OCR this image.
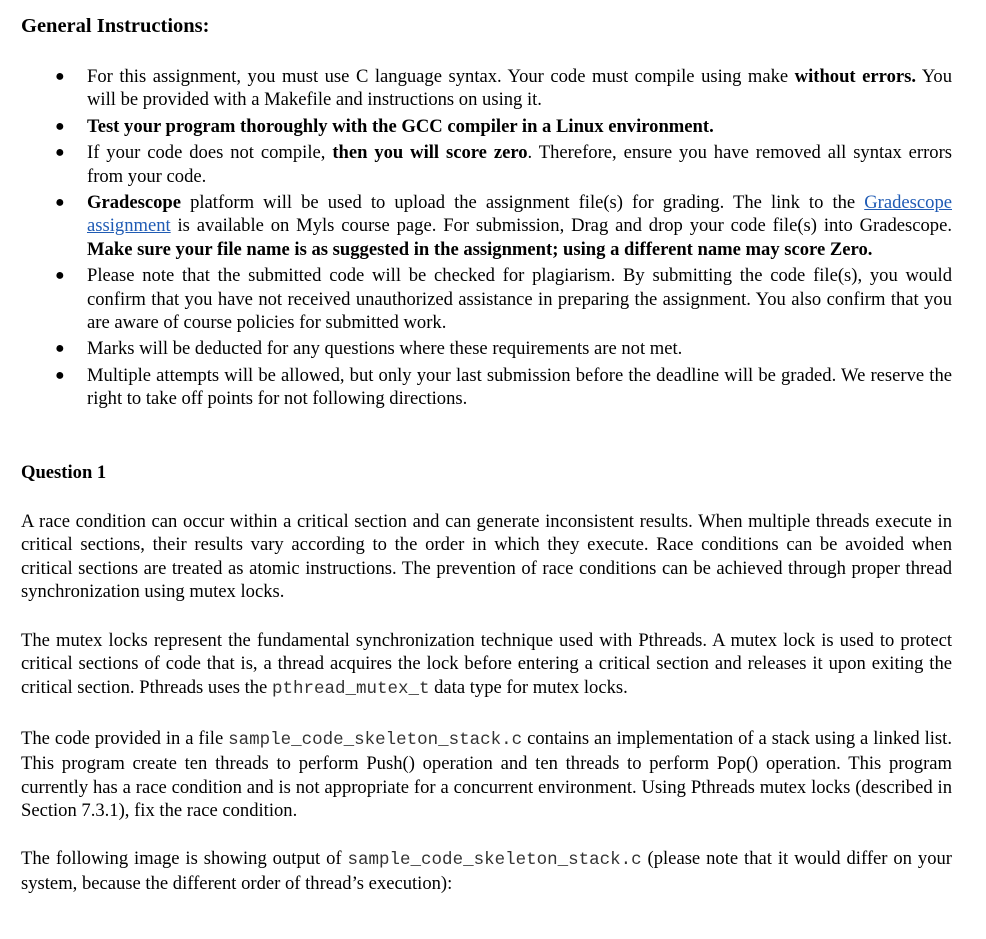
General Instructions:
● For this assignment, you must use C language syntax. Your code must compile using make without errors. You will be provided with a Makefile and instructions on using it.
● Test your program thoroughly with the GCC compiler in a Linux environment.
● If your code does not compile, then you will score zero. Therefore, ensure you have removed all syntax errors from your code.
● Gradescope platform will be used to upload the assignment file(s) for grading. The link to the Gradescope assignment is available on Myls course page. For submission, Drag and drop your code file(s) into Gradescope. Make sure your file name is as suggested in the assignment; using a different name may score Zero.
● Please note that the submitted code will be checked for plagiarism. By submitting the code file(s), you would confirm that you have not received unauthorized assistance in preparing the assignment. You also confirm that you are aware of course policies for submitted work.
● Marks will be deducted for any questions where these requirements are not met.
● Multiple attempts will be allowed, but only your last submission before the deadline will be graded. We reserve the right to take off points for not following directions.
Question 1

A race condition can occur within a critical section and can generate inconsistent results. When multiple threads execute in critical sections, their results vary according to the order in which they execute. Race conditions can be avoided when critical sections are treated as atomic instructions. The prevention of race conditions can be achieved through proper thread synchronization using mutex locks.

The mutex locks represent the fundamental synchronization technique used with Pthreads. A mutex lock is used to protect critical sections of code that is, a thread acquires the lock before entering a critical section and releases it upon exiting the critical section. Pthreads uses the pthread_mutex_t data type for mutex locks.

The code provided in a file sample_code_skeleton_stack.c contains an implementation of a stack using a linked list. This program create ten threads to perform Push() operation and ten threads to perform Pop() operation. This program currently has a race condition and is not appropriate for a concurrent environment. Using Pthreads mutex locks (described in Section 7.3.1), fix the race condition.

The following image is showing output of sample_code_skeleton_stack.c (please note that it would differ on your system, because the different order of thread’s execution):
